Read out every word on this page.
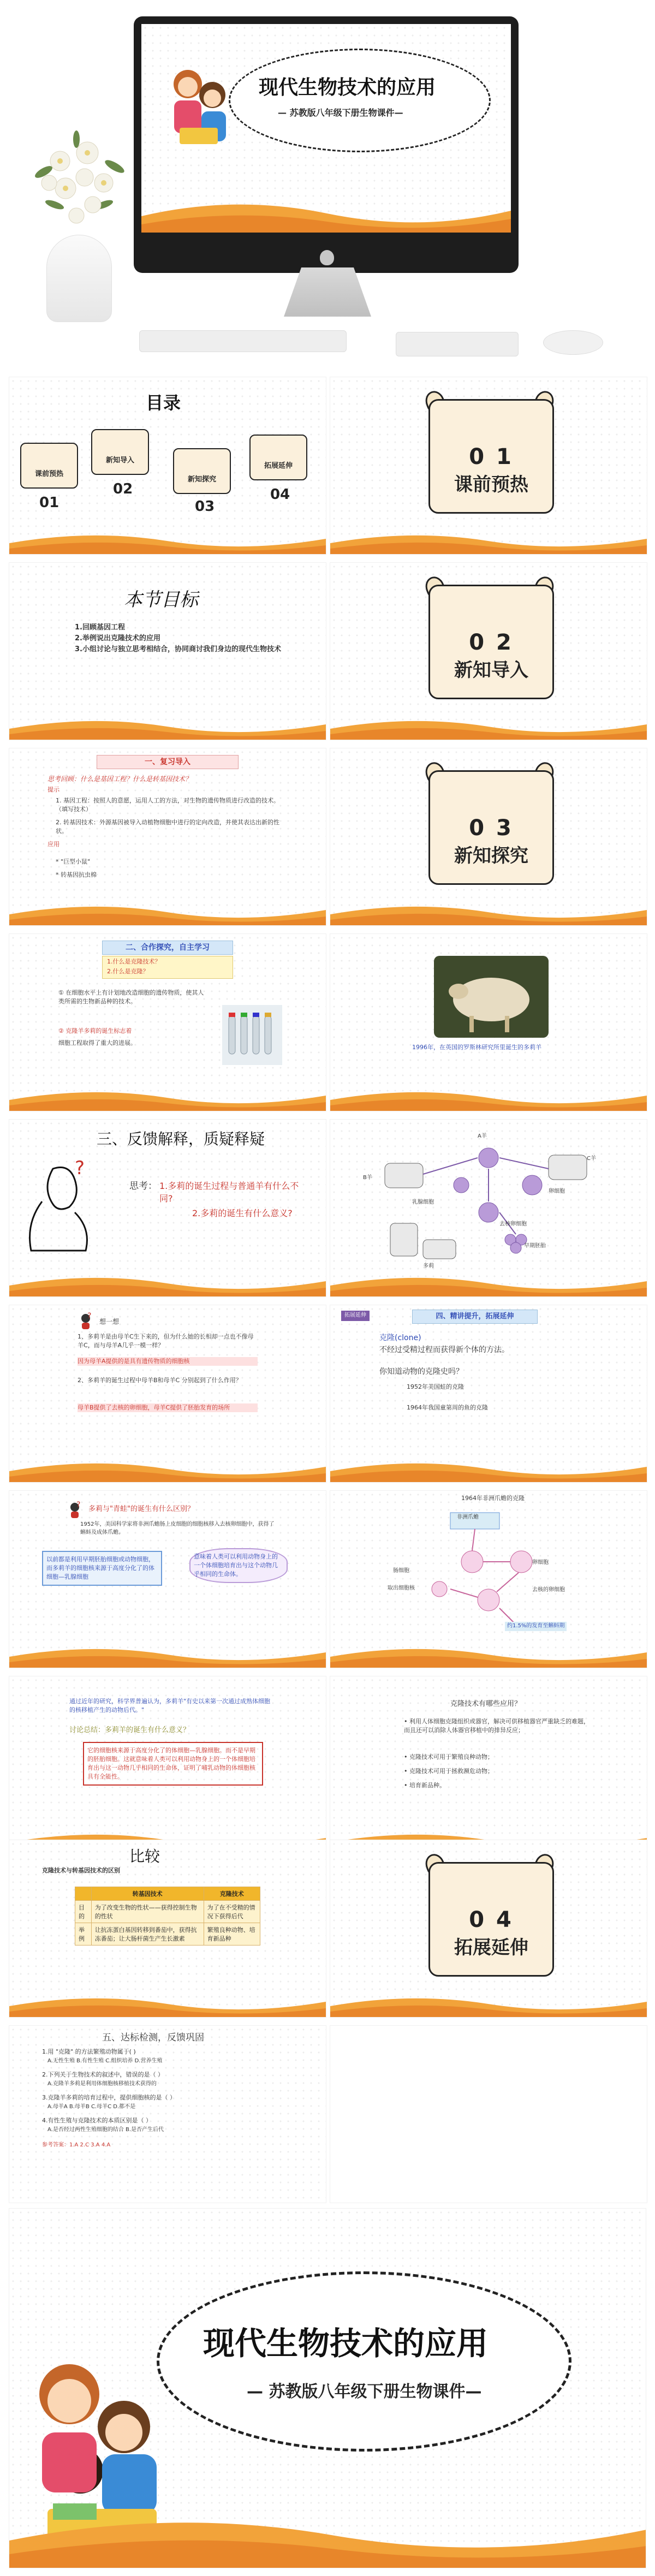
现代生物技术的应用
— 苏教版八年级下册生物课件—
目录
课前预热
新知导入
新知探究
拓展延伸
01
02
03
04
0 1
课前预热
本节目标
1.回顾基因工程
2.举例说出克隆技术的应用
3.小组讨论与独立思考相结合，协同商讨我们身边的现代生物技术	0 2
新知导入
一、复习导入
思考回顾：什么是基因工程？什么是转基因技术？
提示
1. 基因工程：按照人的意愿，运用人工的方法，对生物的遗传物质进行改造的技术。（填写技术）
2. 转基因技术：外源基因被导入动植物细胞中进行的定向改造，并使其表达出新的性状。
应用
* "巨型小鼠"
* 转基因抗虫棉
0 3
新知探究
二、合作探究，自主学习
1.什么是克隆技术？
2.什么是克隆？
① 在细胞水平上有计划地改造细胞的遗传物质，使其人类所需的生物新品种的技术。
② 克隆羊多莉的诞生标志着
细胞工程取得了重大的进展。
1996年，在英国的罗斯林研究所里诞生的多莉羊
三、反馈解释，质疑释疑
?
思考： 1.多莉的诞生过程与普通羊有什么不同?
2.多莉的诞生有什么意义?
A羊
B羊
C羊
卵细胞
乳腺细胞
去核卵细胞
早期胚胎
多莉
?
想一想
1、多莉羊是由母羊C生下来的，但为什么她的长相却一点也不像母羊C，而与母羊A几乎一模一样？
因为母羊A提供的是具有遗传物质的细胞核
2、多莉羊的诞生过程中母羊B和母羊C 分别起到了什么作用？
母羊B提供了去核的卵细胞，母羊C提供了胚胎发育的场所
拓展延伸	四、精讲提升，拓展延伸
克隆(clone)
不经过受精过程而获得新个体的方法。
你知道动物的克隆史吗？
1952年美国蛙的克隆
1964年我国童第周的鱼的克隆
? 多莉与"青蛙"的诞生有什么区别？
1952年，美国科学家将非洲爪蟾肠上皮细胞的细胞核移入去核卵细胞中，获得了蝌蚪及成体爪蟾。
以前都是利用早期胚胎细胞或动物细胞，而多莉羊的细胞核来源于高度分化了的体细胞—乳腺细胞
意味着人类可以利用动物身上的一个体细胞培育出与这个动物几乎相同的生命体。
1964年非洲爪蟾的克隆
非洲爪蟾
卵细胞
肠细胞
取出细胞核	去核的卵细胞
约1.5%的发育至蝌蚪期
通过近年的研究，科学界普遍认为，多莉羊"有史以来第一次通过成熟体细胞的核移植产生的动物后代。"
讨论总结：多莉羊的诞生有什么意义？
它的细胞核来源于高度分化了的体细胞—乳腺细胞。而不是早期的胚胎细胞。这就意味着人类可以利用动物身上的一个体细胞培育出与这一动物几乎相同的生命体，证明了哺乳动物的体细胞核具有全能性。
克隆技术有哪些应用？
• 利用人体细胞克隆组织或器官，解决可供移植器官严重缺乏的难题，而且还可以消除人体器官移植中的排异反应；
• 克隆技术可用于繁殖良种动物；
• 克隆技术可用于拯救濒危动物；
• 培育新品种。
比较
克隆技术与转基因技术的区别
	转基因技术	克隆技术
目的	为了改变生物的性状——获得控制生物的性状	为了在不受精的情况下获得后代
举例	让抗冻蛋白基因转移到番茄中，获得抗冻番茄；让大肠杆菌生产生长激素	繁殖良种动物、培育新品种
0 4
拓展延伸
五、达标检测，反馈巩固
1.用 "克隆" 的方法繁殖动物属于( )
A.无性生殖 B.有性生殖 C.组织培养 D.营养生殖
2.下列关于生物技术的叙述中，错误的是（ ）
A.克隆羊多莉是利用体细胞核移植技术获得的
3.克隆羊多莉的培育过程中，提供细胞核的是（ ）
A.母羊A B.母羊B C.母羊C D.都不是
4.有性生殖与克隆技术的本质区别是（ ）
A.是否经过两性生殖细胞的结合 B.是否产生后代
参考答案：1.A 2.C 3.A 4.A
现代生物技术的应用
— 苏教版八年级下册生物课件—
